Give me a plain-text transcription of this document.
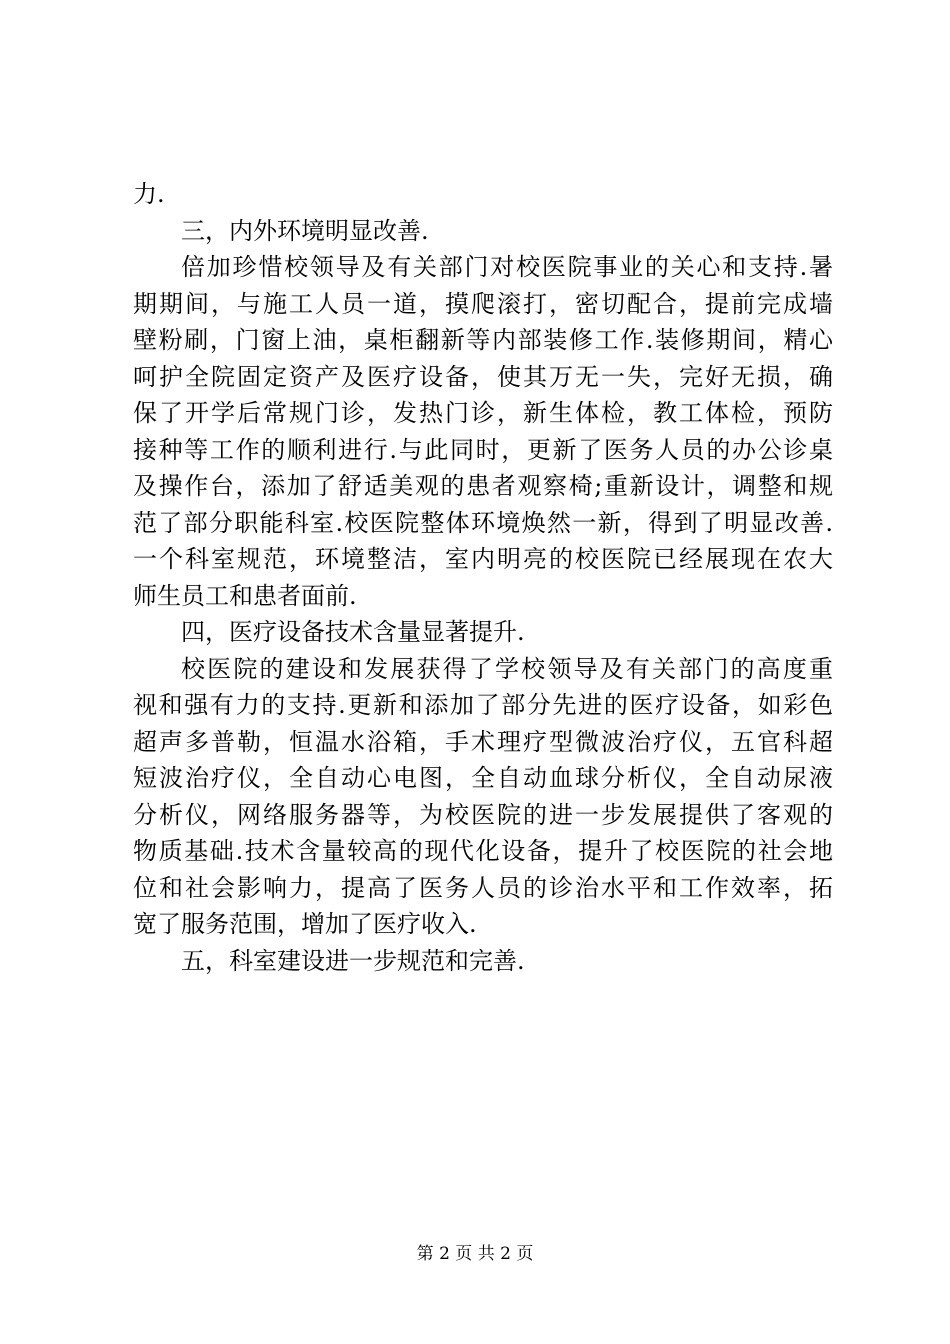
力.
三，内外环境明显改善.
倍加珍惜校领导及有关部门对校医院事业的关心和支持.暑
期期间，与施工人员一道，摸爬滚打，密切配合，提前完成墙
壁粉刷，门窗上油，桌柜翻新等内部装修工作.装修期间，精心
呵护全院固定资产及医疗设备，使其万无一失，完好无损，确
保了开学后常规门诊，发热门诊，新生体检，教工体检，预防
接种等工作的顺利进行.与此同时，更新了医务人员的办公诊桌
及操作台，添加了舒适美观的患者观察椅;重新设计，调整和规
范了部分职能科室.校医院整体环境焕然一新，得到了明显改善.
一个科室规范，环境整洁，室内明亮的校医院已经展现在农大
师生员工和患者面前.
四，医疗设备技术含量显著提升.
校医院的建设和发展获得了学校领导及有关部门的高度重
视和强有力的支持.更新和添加了部分先进的医疗设备，如彩色
超声多普勒，恒温水浴箱，手术理疗型微波治疗仪，五官科超
短波治疗仪，全自动心电图，全自动血球分析仪，全自动尿液
分析仪，网络服务器等，为校医院的进一步发展提供了客观的
物质基础.技术含量较高的现代化设备，提升了校医院的社会地
位和社会影响力，提高了医务人员的诊治水平和工作效率，拓
宽了服务范围，增加了医疗收入.
五，科室建设进一步规范和完善.
第 2 页 共 2 页
